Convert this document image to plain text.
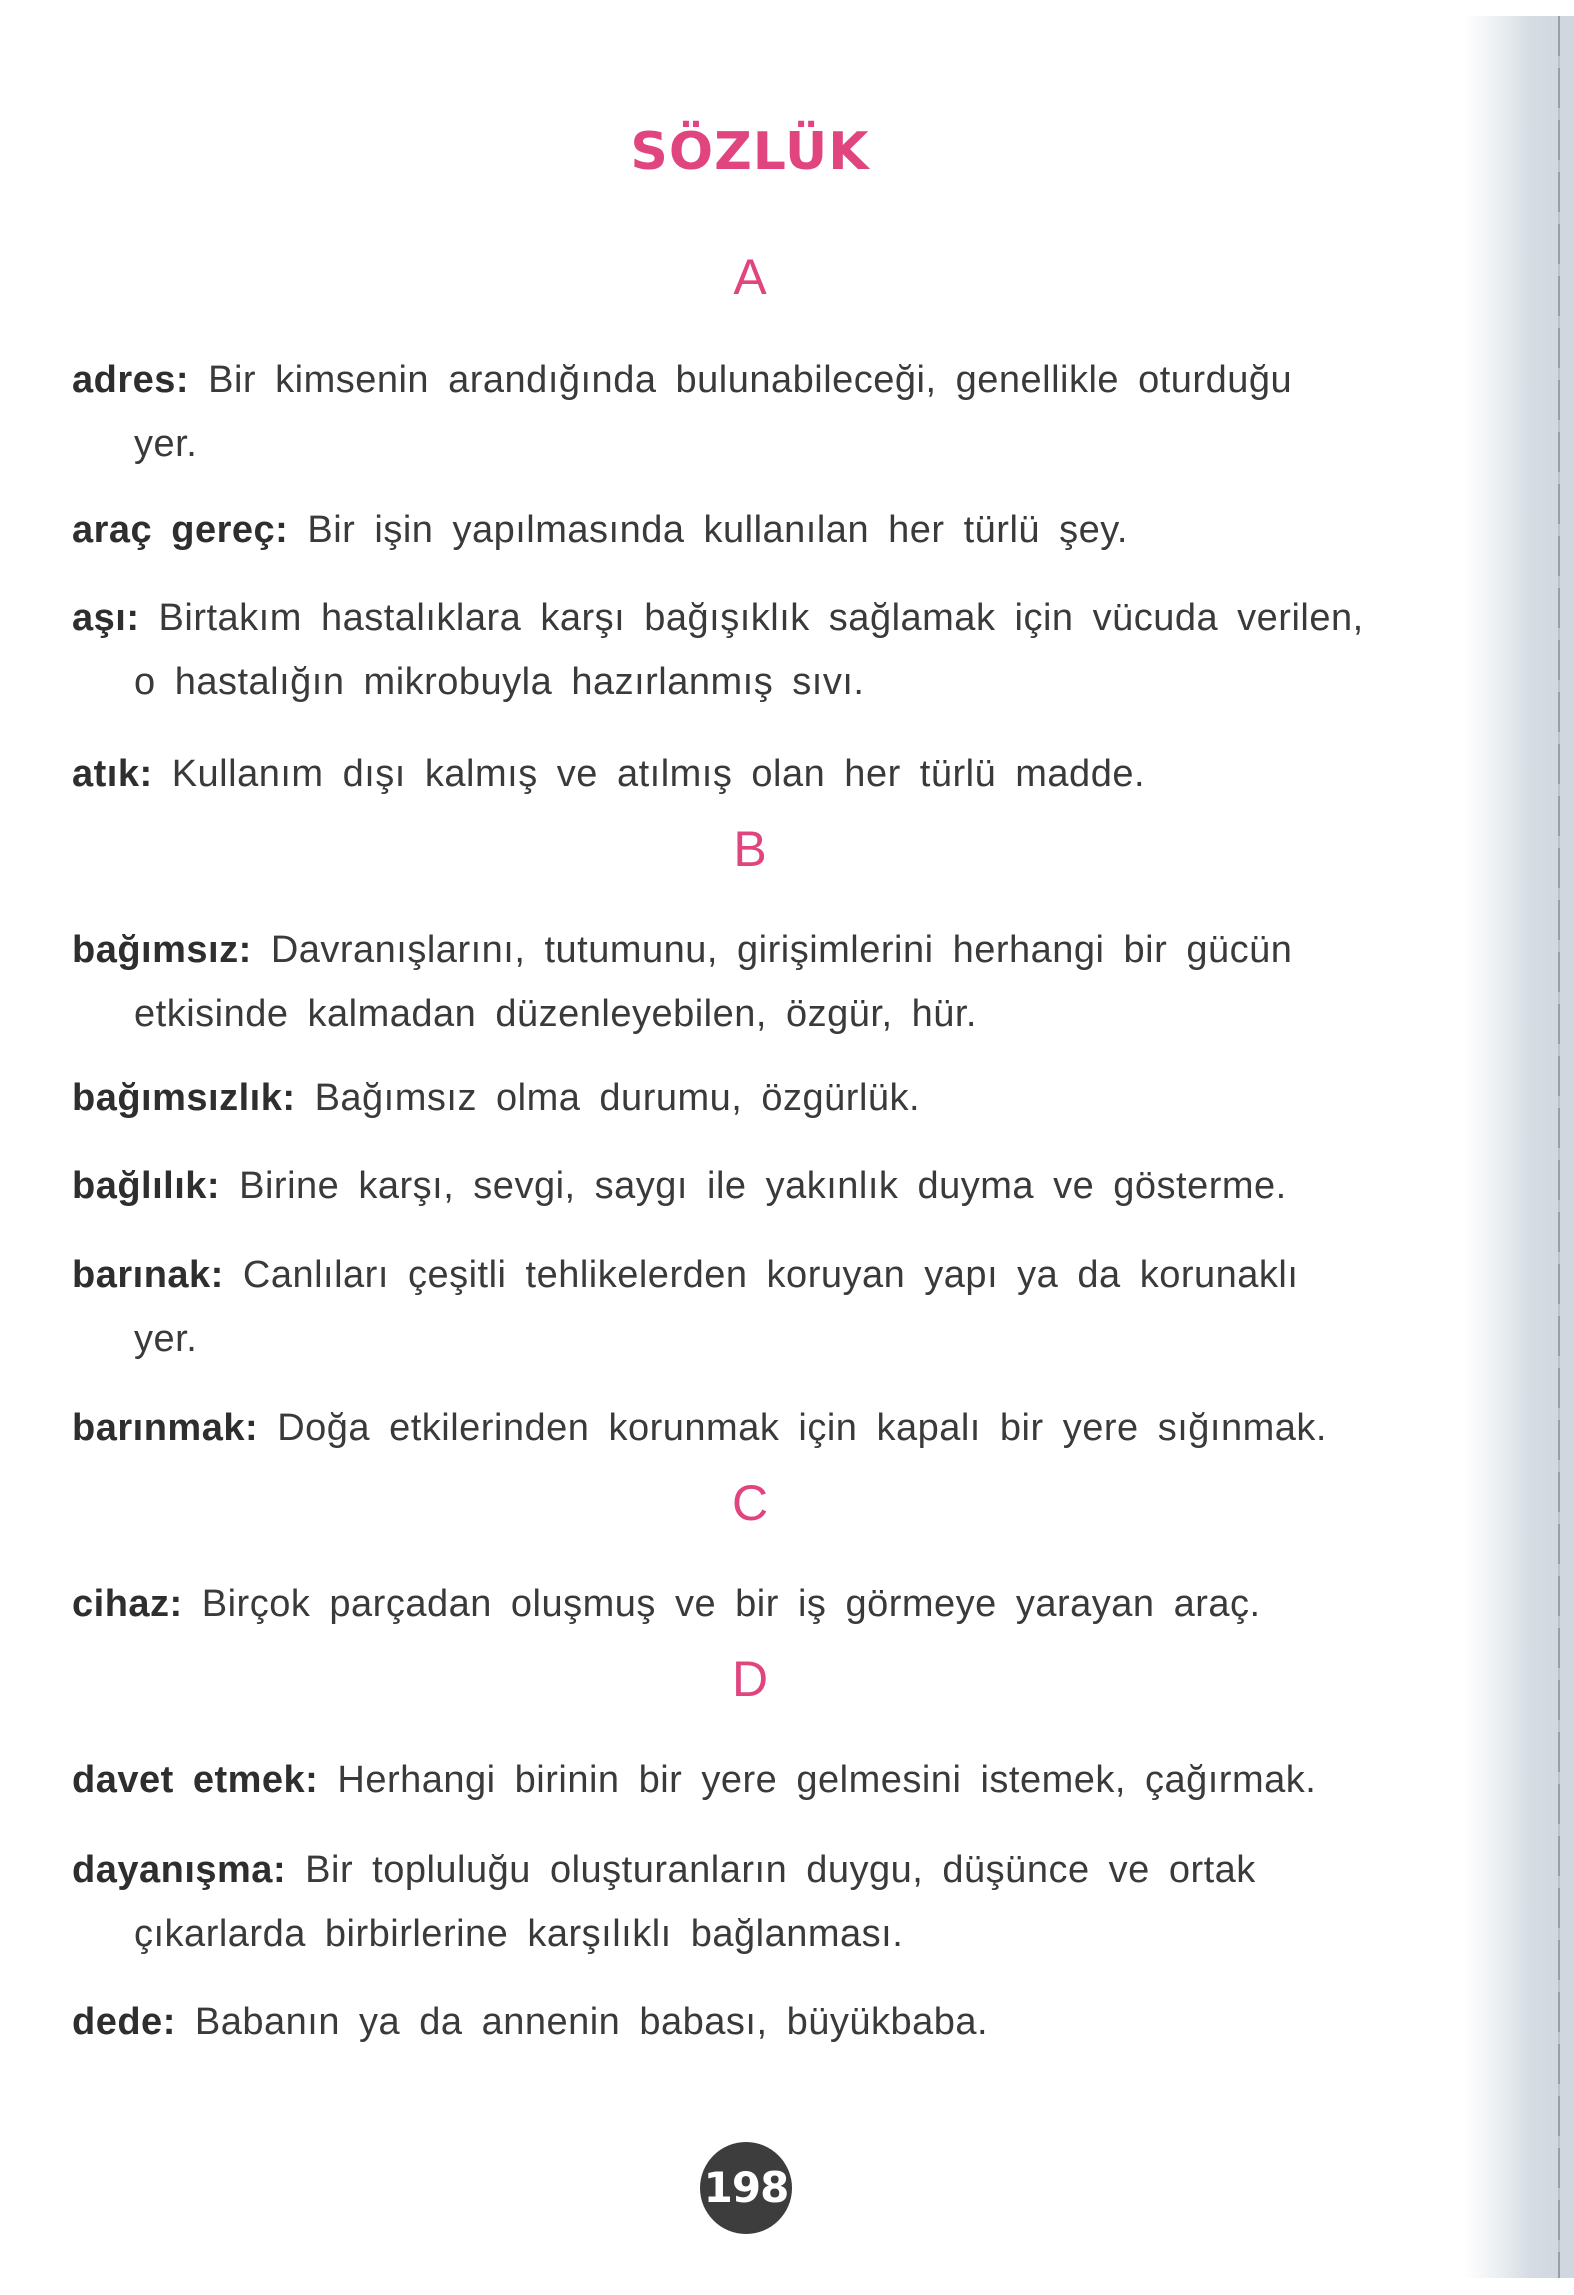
SÖZLÜK
A
adres: Bir kimsenin arandığında bulunabileceği, genellikle oturduğu
yer.
araç gereç: Bir işin yapılmasında kullanılan her türlü şey.
aşı: Birtakım hastalıklara karşı bağışıklık sağlamak için vücuda verilen,
o hastalığın mikrobuyla hazırlanmış sıvı.
atık: Kullanım dışı kalmış ve atılmış olan her türlü madde.
B
bağımsız: Davranışlarını, tutumunu, girişimlerini herhangi bir gücün
etkisinde kalmadan düzenleyebilen, özgür, hür.
bağımsızlık: Bağımsız olma durumu, özgürlük.
bağlılık: Birine karşı, sevgi, saygı ile yakınlık duyma ve gösterme.
barınak: Canlıları çeşitli tehlikelerden koruyan yapı ya da korunaklı
yer.
barınmak: Doğa etkilerinden korunmak için kapalı bir yere sığınmak.
C
cihaz: Birçok parçadan oluşmuş ve bir iş görmeye yarayan araç.
D
davet etmek: Herhangi birinin bir yere gelmesini istemek, çağırmak.
dayanışma: Bir topluluğu oluşturanların duygu, düşünce ve ortak
çıkarlarda birbirlerine karşılıklı bağlanması.
dede: Babanın ya da annenin babası, büyükbaba.
198
